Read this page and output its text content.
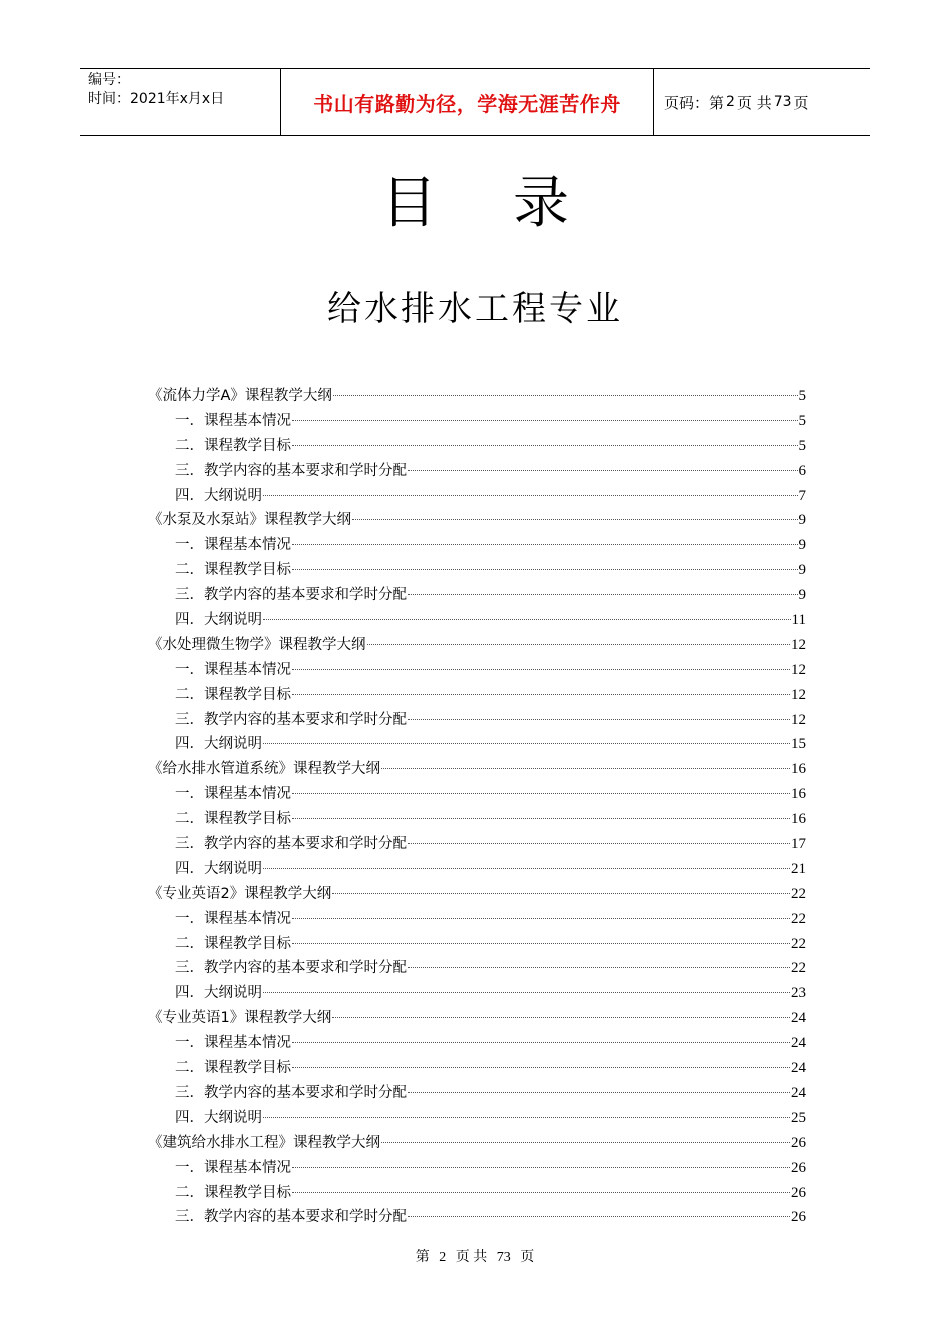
编号：
时间：2021年x月x日	书山有路勤为径，学海无涯苦作舟	页码：第 2 页 共 73 页
目录
给水排水工程专业
《流体力学A》课程教学大纲	5
一．课程基本情况	5
二．课程教学目标	5
三．教学内容的基本要求和学时分配	6
四．大纲说明	7
《水泵及水泵站》课程教学大纲	9
一．课程基本情况	9
二．课程教学目标	9
三．教学内容的基本要求和学时分配	9
四．大纲说明	11
《水处理微生物学》课程教学大纲	12
一．课程基本情况	12
二．课程教学目标	12
三．教学内容的基本要求和学时分配	12
四．大纲说明	15
《给水排水管道系统》课程教学大纲	16
一．课程基本情况	16
二．课程教学目标	16
三．教学内容的基本要求和学时分配	17
四．大纲说明	21
《专业英语2》课程教学大纲	22
一．课程基本情况	22
二．课程教学目标	22
三．教学内容的基本要求和学时分配	22
四．大纲说明	23
《专业英语1》课程教学大纲	24
一．课程基本情况	24
二．课程教学目标	24
三．教学内容的基本要求和学时分配	24
四．大纲说明	25
《建筑给水排水工程》课程教学大纲	26
一．课程基本情况	26
二．课程教学目标	26
三．教学内容的基本要求和学时分配	26
第 2 页 共 73 页
